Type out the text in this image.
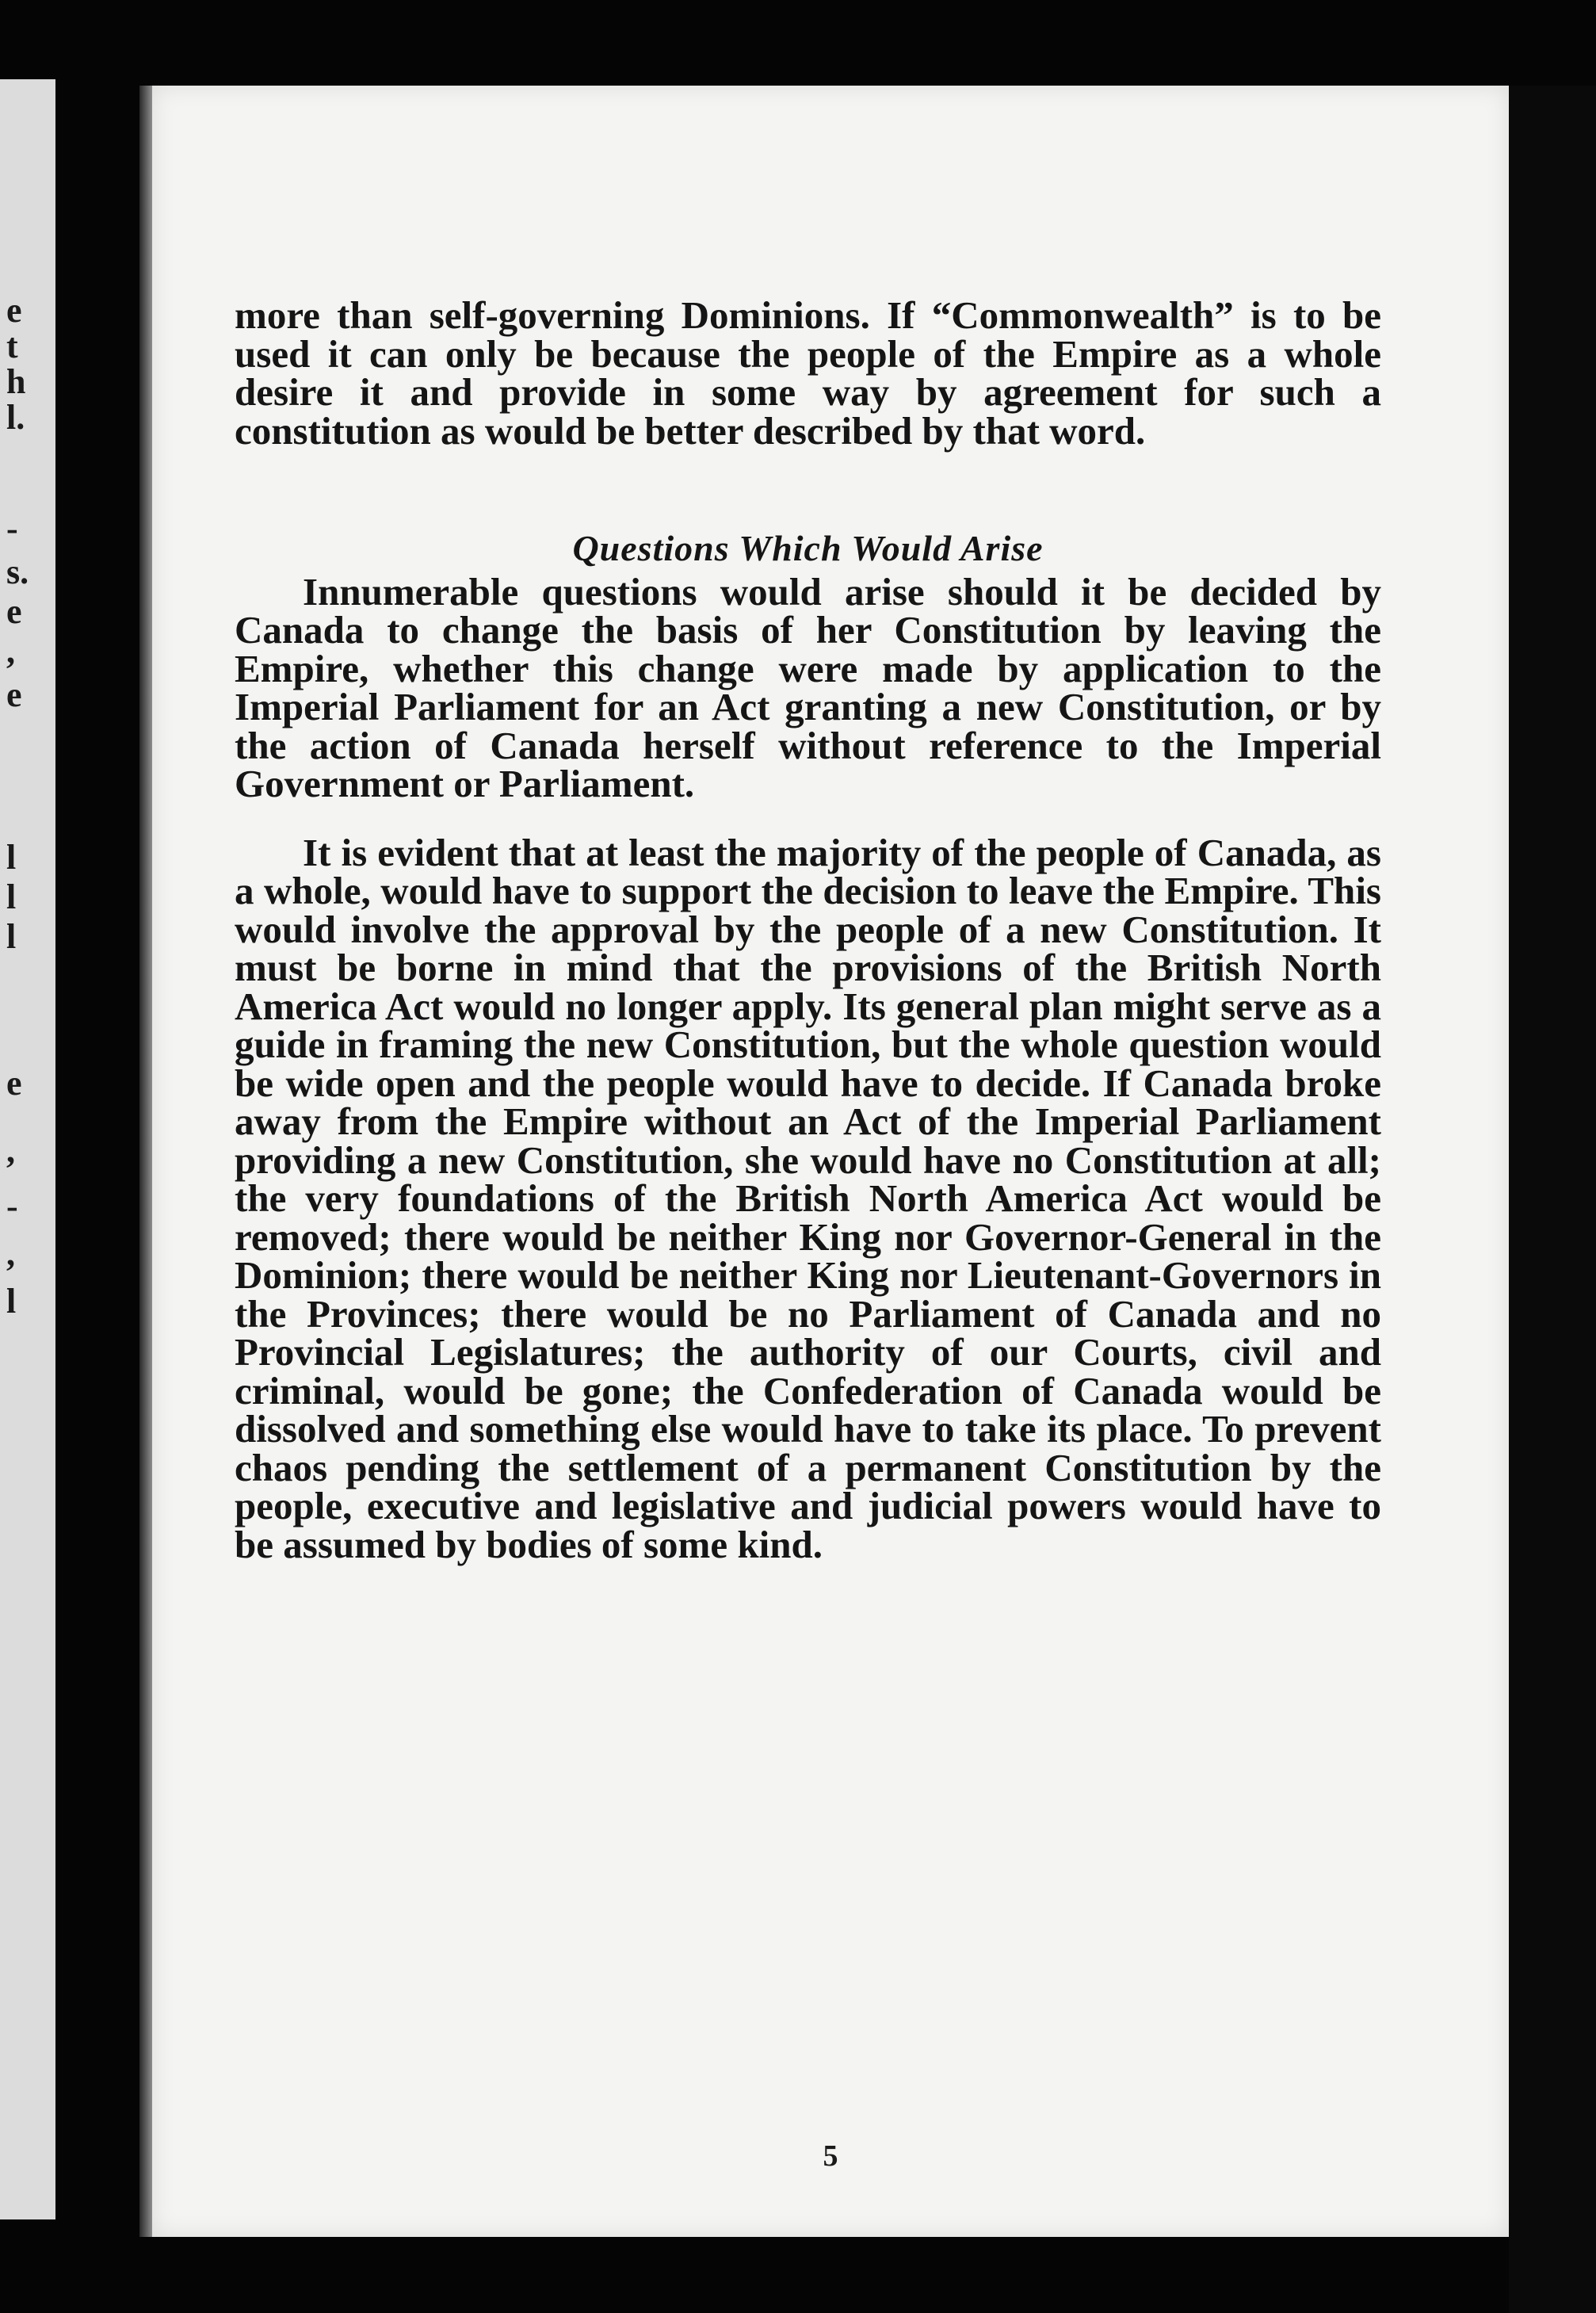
e
t
h
l.
-
s.
e
,
e
l
l
l
e
,
-
,
l

more than self-governing Dominions. If “Commonwealth” is to be used it can only be because the people of the Empire as a whole desire it and provide in some way by agreement for such a constitution as would be better described by that word.

Questions Which Would Arise

Innumerable questions would arise should it be decided by Canada to change the basis of her Constitution by leaving the Empire, whether this change were made by application to the Imperial Parliament for an Act granting a new Constitution, or by the action of Canada herself without reference to the Imperial Government or Parliament.

It is evident that at least the majority of the people of Canada, as a whole, would have to support the decision to leave the Empire. This would involve the approval by the people of a new Constitution. It must be borne in mind that the provisions of the British North America Act would no longer apply. Its general plan might serve as a guide in framing the new Constitution, but the whole question would be wide open and the people would have to decide. If Canada broke away from the Empire without an Act of the Imperial Parliament providing a new Constitution, she would have no Constitution at all; the very foundations of the British North America Act would be removed; there would be neither King nor Governor-General in the Dominion; there would be neither King nor Lieutenant-Governors in the Provinces; there would be no Parliament of Canada and no Provincial Legislatures; the authority of our Courts, civil and criminal, would be gone; the Confederation of Canada would be dissolved and something else would have to take its place. To prevent chaos pending the settlement of a permanent Constitution by the people, executive and legislative and judicial powers would have to be assumed by bodies of some kind.

5
